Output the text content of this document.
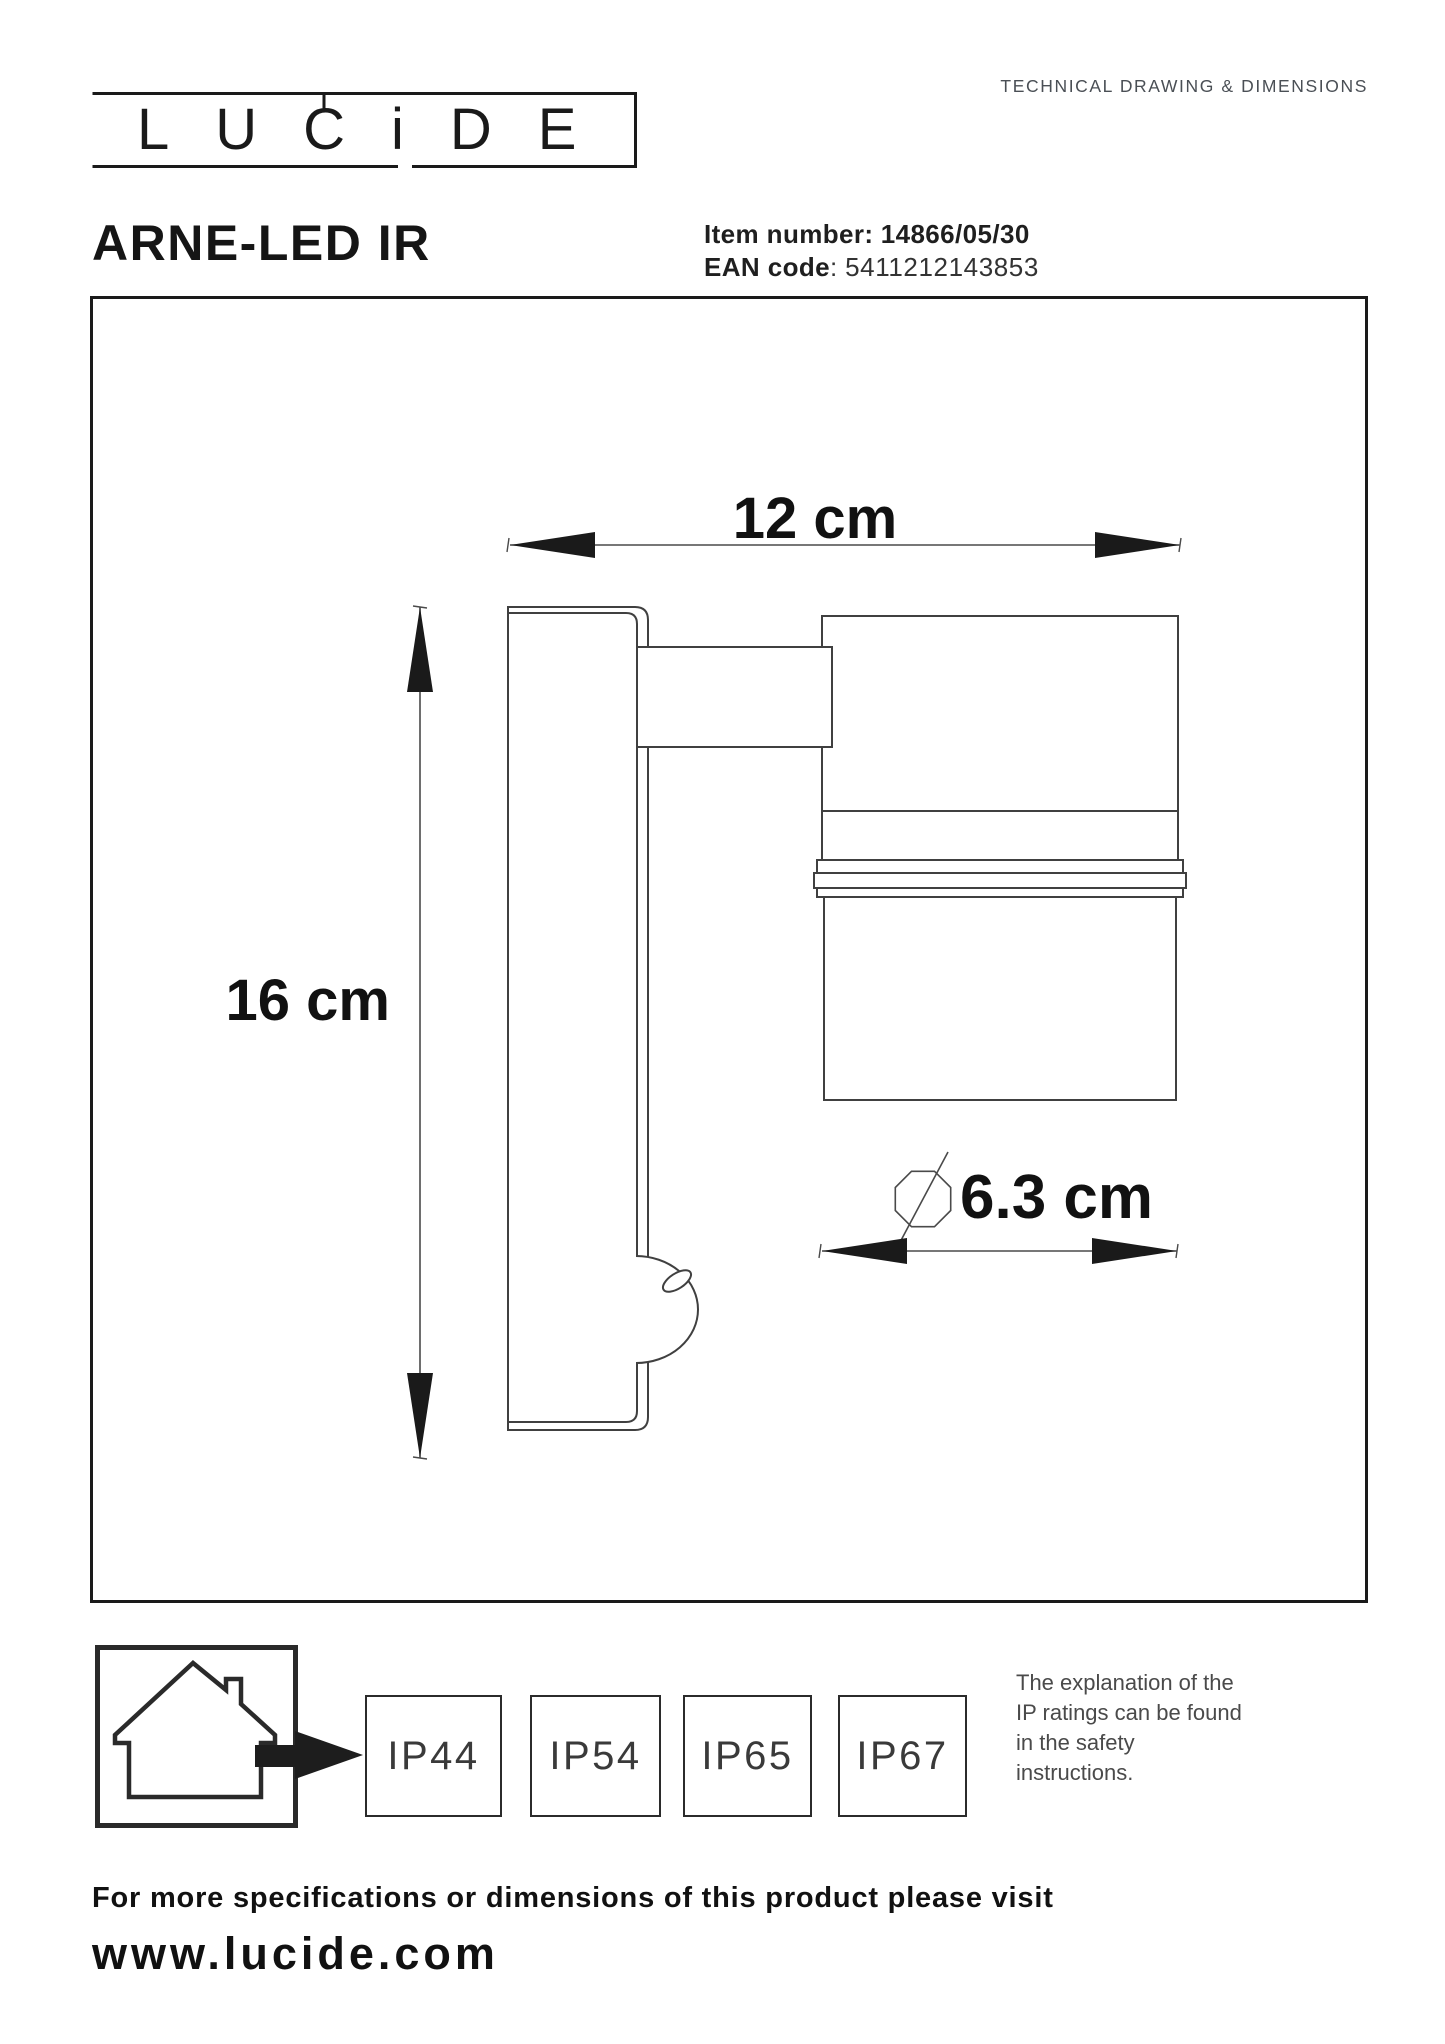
LUCiDE
TECHNICAL DRAWING & DIMENSIONS
ARNE-LED IR	Item number: 14866/05/30
EAN code: 5411212143853
12 cm
16 cm
6.3 cm
IP44 IP54 IP65 IP67
The explanation of the
IP ratings can be found
in the safety
instructions.
For more specifications or dimensions of this product please visit
www.lucide.com
